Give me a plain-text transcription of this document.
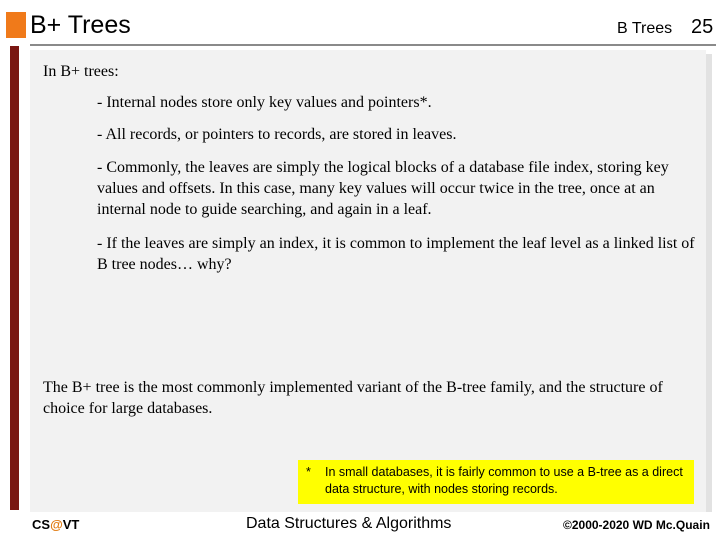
B+ Trees	B Trees 25
In B+ trees:
- Internal nodes store only key values and pointers*.
- All records, or pointers to records, are stored in leaves.
- Commonly, the leaves are simply the logical blocks of a database file index, storing key values and offsets. In this case, many key values will occur twice in the tree, once at an internal node to guide searching, and again in a leaf.
- If the leaves are simply an index, it is common to implement the leaf level as a linked list of B tree nodes… why?
The B+ tree is the most commonly implemented variant of the B-tree family, and the structure of choice for large databases.
* In small databases, it is fairly common to use a B-tree as a direct data structure, with nodes storing records.
CS@VT	Data Structures & Algorithms	©2000-2020 WD Mc.Quain
